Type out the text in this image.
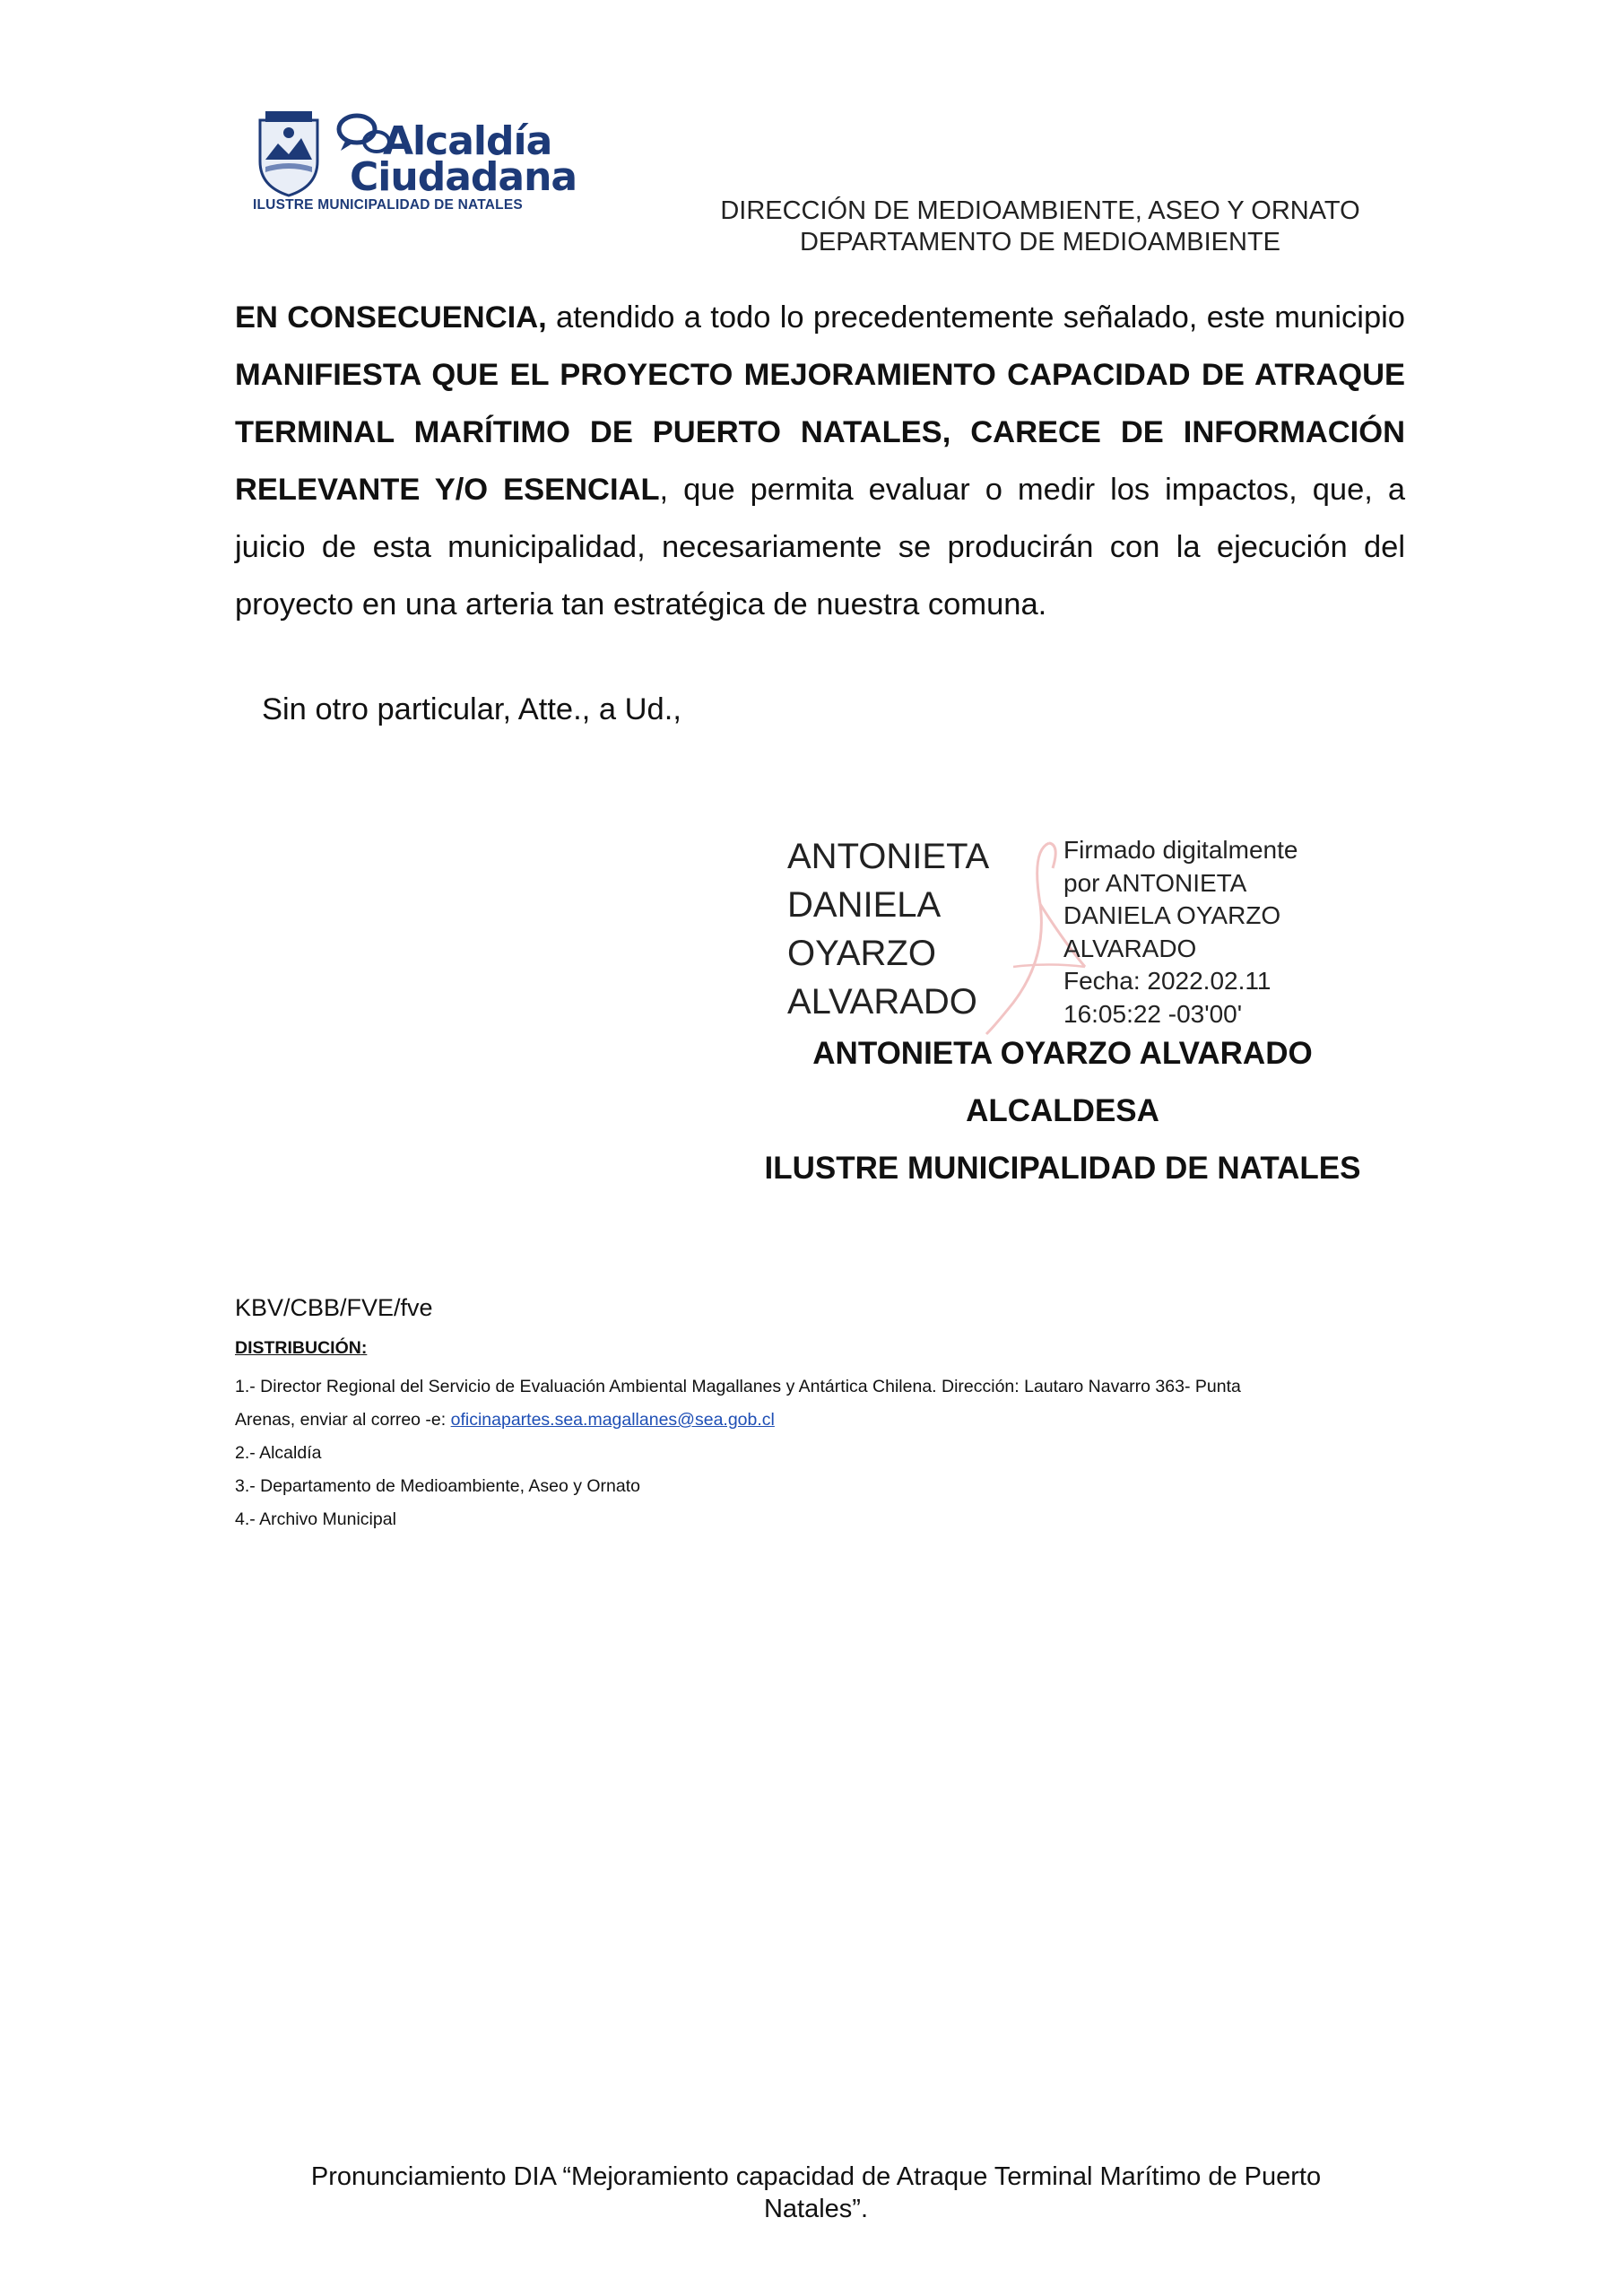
Alcaldía
Ciudadana
ILUSTRE MUNICIPALIDAD DE NATALES	DIRECCIÓN DE MEDIOAMBIENTE, ASEO Y ORNATO
DEPARTAMENTO DE MEDIOAMBIENTE
EN CONSECUENCIA, atendido a todo lo precedentemente señalado, este municipio MANIFIESTA QUE EL PROYECTO MEJORAMIENTO CAPACIDAD DE ATRAQUE TERMINAL MARÍTIMO DE PUERTO NATALES, CARECE DE INFORMACIÓN RELEVANTE Y/O ESENCIAL, que permita evaluar o medir los impactos, que, a juicio de esta municipalidad, necesariamente se producirán con la ejecución del proyecto en una arteria tan estratégica de nuestra comuna.
Sin otro particular, Atte., a Ud.,
ANTONIETA
DANIELA
OYARZO
ALVARADO
Firmado digitalmente
por ANTONIETA
DANIELA OYARZO
ALVARADO
Fecha: 2022.02.11
16:05:22 -03'00'
ANTONIETA OYARZO ALVARADO
ALCALDESA
ILUSTRE MUNICIPALIDAD DE NATALES
KBV/CBB/FVE/fve
DISTRIBUCIÓN:
1.- Director Regional del Servicio de Evaluación Ambiental Magallanes y Antártica Chilena. Dirección: Lautaro Navarro 363- Punta
Arenas, enviar al correo -e: oficinapartes.sea.magallanes@sea.gob.cl
2.- Alcaldía
3.- Departamento de Medioambiente, Aseo y Ornato
4.- Archivo Municipal
Pronunciamiento DIA “Mejoramiento capacidad de Atraque Terminal Marítimo de Puerto
Natales”.
